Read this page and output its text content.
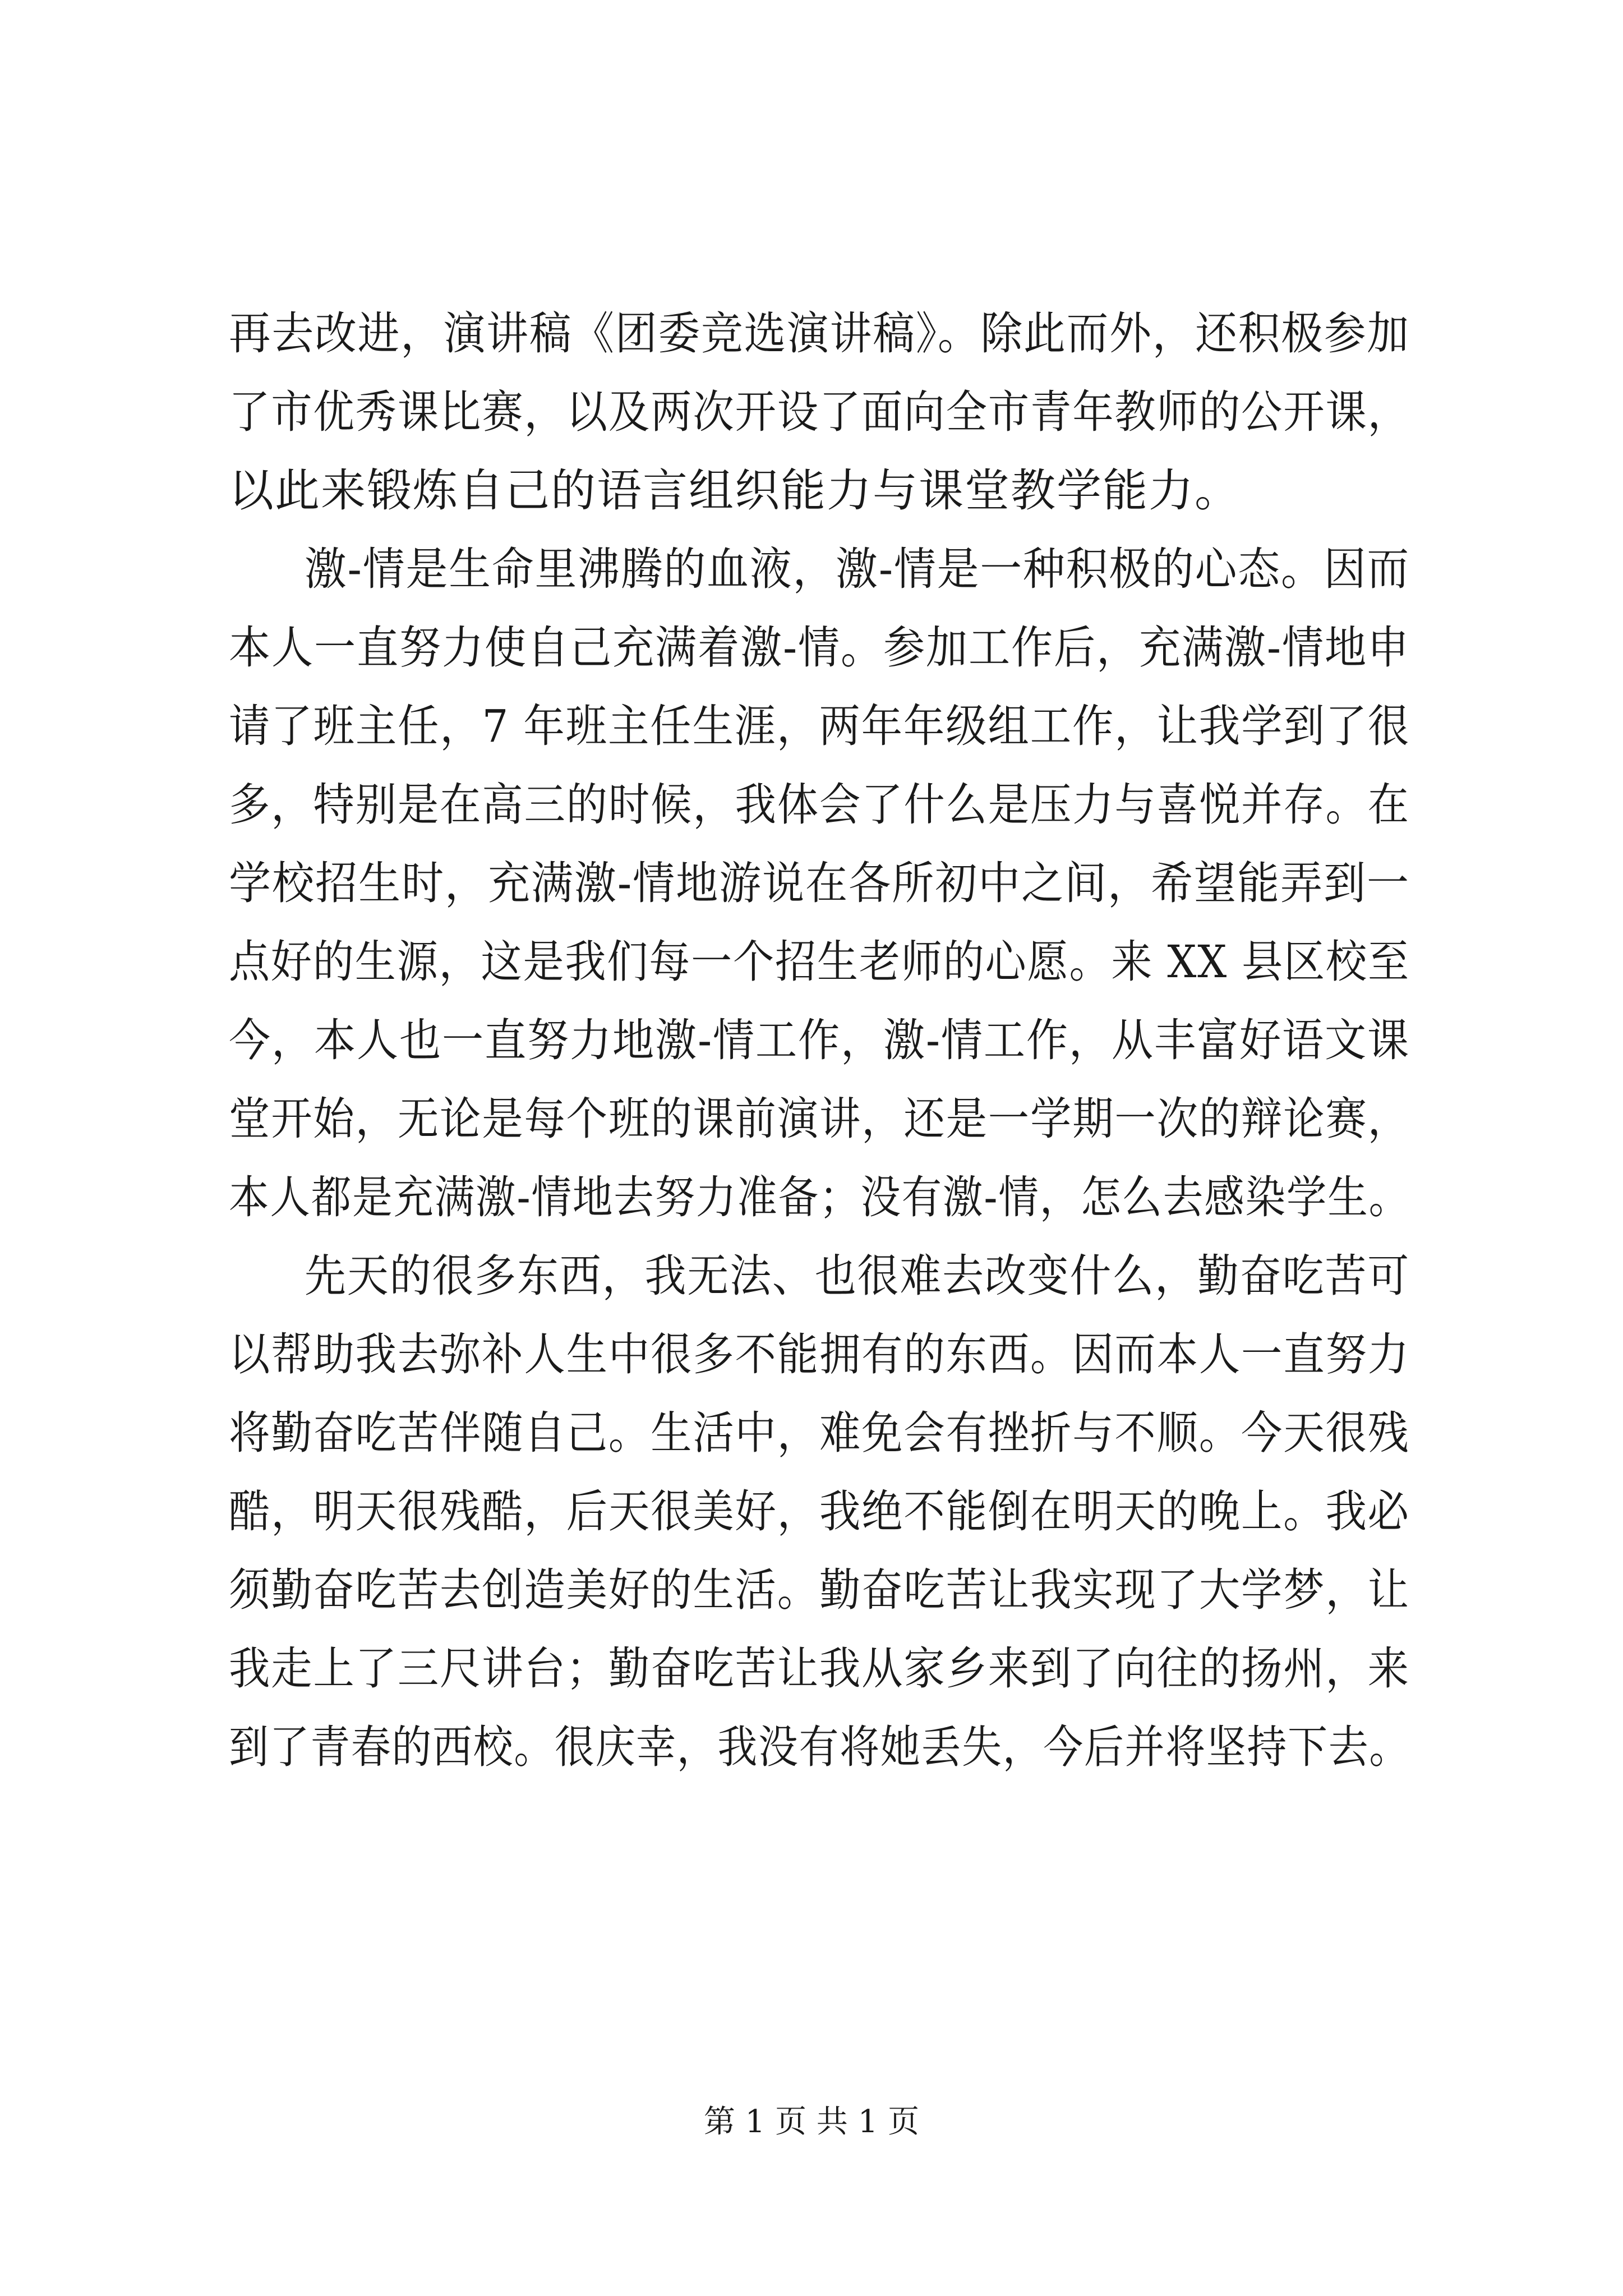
再去改进，演讲稿《团委竞选演讲稿》。除此而外，还积极参加
了市优秀课比赛，以及两次开设了面向全市青年教师的公开课，
以此来锻炼自己的语言组织能力与课堂教学能力。
激-情是生命里沸腾的血液，激-情是一种积极的心态。因而
本人一直努力使自己充满着激-情。参加工作后，充满激-情地申
请了班主任，7 年班主任生涯，两年年级组工作，让我学到了很
多，特别是在高三的时候，我体会了什么是压力与喜悦并存。在
学校招生时，充满激-情地游说在各所初中之间，希望能弄到一
点好的生源，这是我们每一个招生老师的心愿。来 XX 县区校至
今，本人也一直努力地激-情工作，激-情工作，从丰富好语文课
堂开始，无论是每个班的课前演讲，还是一学期一次的辩论赛，
本人都是充满激-情地去努力准备；没有激-情，怎么去感染学生。
先天的很多东西，我无法、也很难去改变什么，勤奋吃苦可
以帮助我去弥补人生中很多不能拥有的东西。因而本人一直努力
将勤奋吃苦伴随自己。生活中，难免会有挫折与不顺。今天很残
酷，明天很残酷，后天很美好，我绝不能倒在明天的晚上。我必
须勤奋吃苦去创造美好的生活。勤奋吃苦让我实现了大学梦，让
我走上了三尺讲台；勤奋吃苦让我从家乡来到了向往的扬州，来
到了青春的西校。很庆幸，我没有将她丢失，今后并将坚持下去。
第 1 页 共 1 页
